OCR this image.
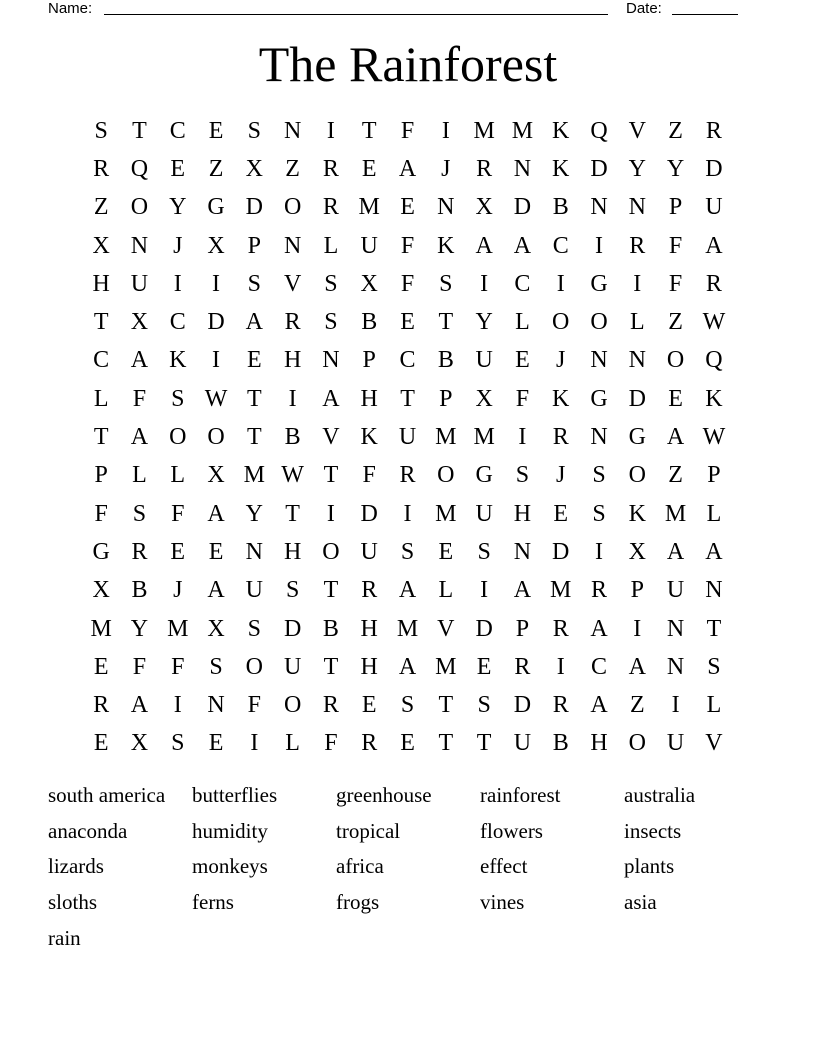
Name:	Date:
The Rainforest
S	T C E	S N	I	T	F	I M M K Q V Z R
R Q E Z X Z R E A	J	R N K D Y Y D
Z O Y G D O R M E N X D B N N P U
X N	J	X P N L U F K A A C	I	R F A
H U	I	I	S V S X F	S	I	C	I	G	I	F R
T X C D A R S B E T Y L O O L Z W
C A K	I	E H N P C B U E	J	N N O Q
L	F	S W T	I	A H T	P X F K G D E K
T A O O T B V K U M M I	R N G A W
P	L L X M W T	F R O G S	J	S O Z	P
F	S	F A Y T	I	D	I M U H E	S K M L
G R E E N H O U S	E	S N D	I	X A A
X B	J	A U S	T R A L	I	A M R P U N
M Y M X S D B H M V D P R A	I	N T
E	F	F	S O U T H A M E R	I	C A N S
R A	I	N F O R E	S	T	S D R A Z	I	L
E X S	E	I	L	F R E T T U B H O U V
south america	butterflies	greenhouse	rainforest	australia
anaconda	humidity	tropical	flowers	insects
lizards	monkeys	africa	effect	plants
sloths	ferns	frogs	vines	asia
rain
